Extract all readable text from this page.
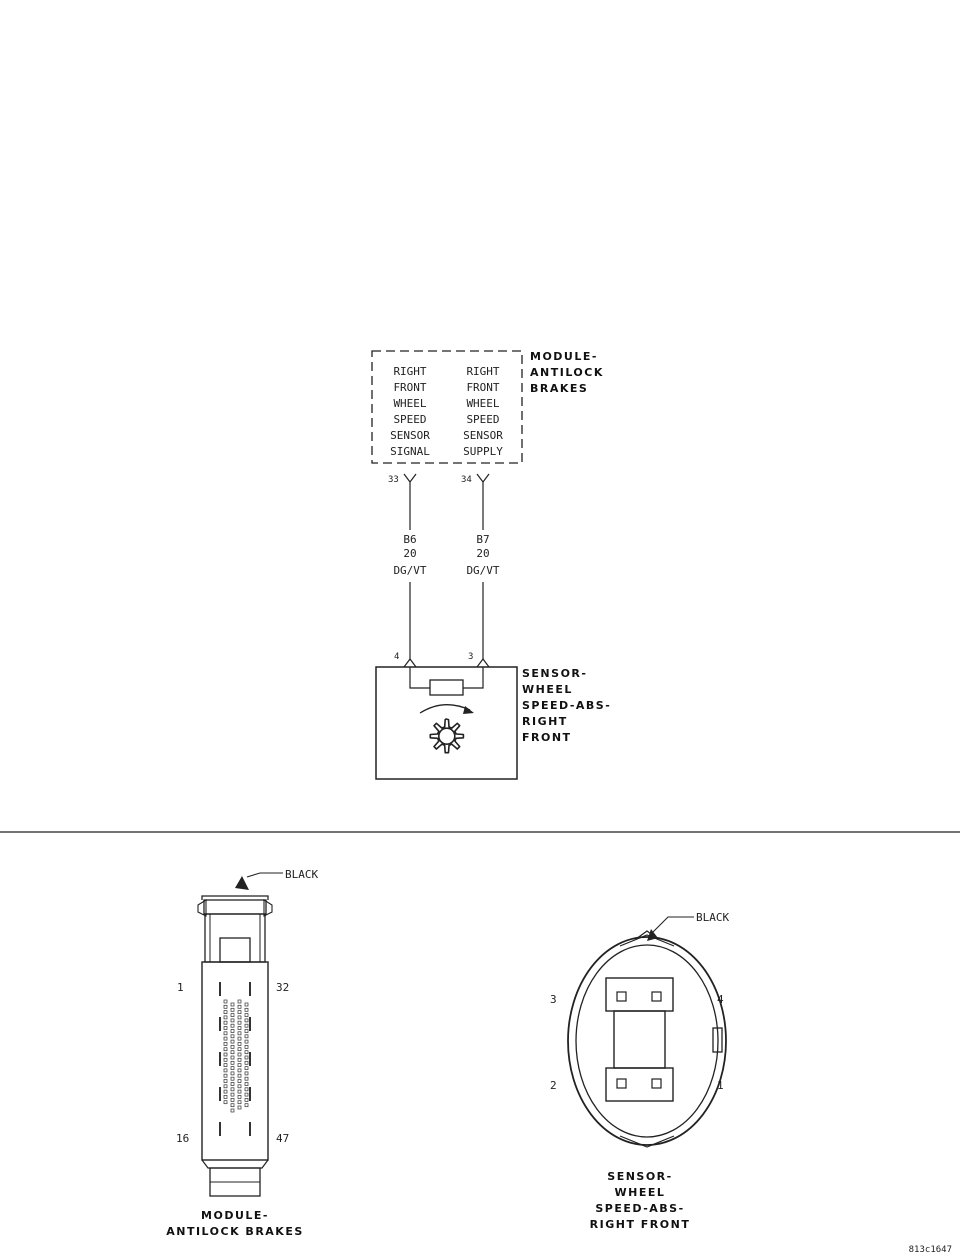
RIGHT
FRONT
WHEEL
SPEED
SENSOR
SIGNAL
RIGHT
FRONT
WHEEL
SPEED
SENSOR
SUPPLY
MODULE-
ANTILOCK
BRAKES
33	34
B6
20
DG/VT
B7
20
DG/VT
4	3
SENSOR-
WHEEL
SPEED-ABS-
RIGHT
FRONT
BLACK
1	32
16	47
MODULE-
ANTILOCK BRAKES
BLACK
3	4
2	1
SENSOR-
WHEEL
SPEED-ABS-
RIGHT FRONT
813c1647
